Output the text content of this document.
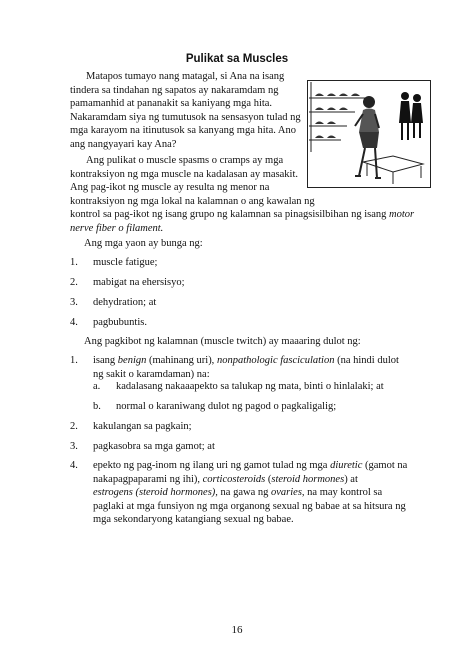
Pulikat sa Muscles
Matapos tumayo nang matagal, si Ana na isang
tindera sa tindahan ng sapatos ay nakaramdam ng
pamamanhid at pananakit sa kaniyang mga hita.
Nakaramdam siya ng tumutusok na sensasyon tulad ng
mga karayom na itinutusok sa kanyang mga hita. Ano
ang nangyayari kay Ana?
Ang pulikat o muscle spasms o cramps ay mga
kontraksiyon ng mga muscle na kadalasan ay masakit.
Ang pag-ikot ng muscle ay resulta ng menor na
kontraksiyon ng mga lokal na kalamnan o ang kawalan ng
kontrol sa pag-ikot ng isang grupo ng kalamnan sa pinagsisilbihan ng isang motor
nerve fiber o filament.
Ang mga yaon ay bunga ng:
1. muscle fatigue;
2. mabigat na ehersisyo;
3. dehydration; at
4. pagbubuntis.
Ang pagkibot ng kalamnan (muscle twitch) ay maaaring dulot ng:
1. isang benign (mahinang uri), nonpathologic fasciculation (na hindi dulot
ng sakit o karamdaman) na:
a. kadalasang nakaaapekto sa talukap ng mata, binti o hinlalaki; at
b. normal o karaniwang dulot ng pagod o pagkaligalig;
2. kakulangan sa pagkain;
3. pagkasobra sa mga gamot; at
4. epekto ng pag-inom ng ilang uri ng gamot tulad ng mga diuretic (gamot na
nakapagpaparami ng ihi), corticosteroids (steroid hormones) at
estrogens (steroid hormones), na gawa ng ovaries, na may kontrol sa
paglaki at mga funsiyon ng mga organong sexual ng babae at sa hitsura ng
mga sekondaryong katangiang sexual ng babae.
16
